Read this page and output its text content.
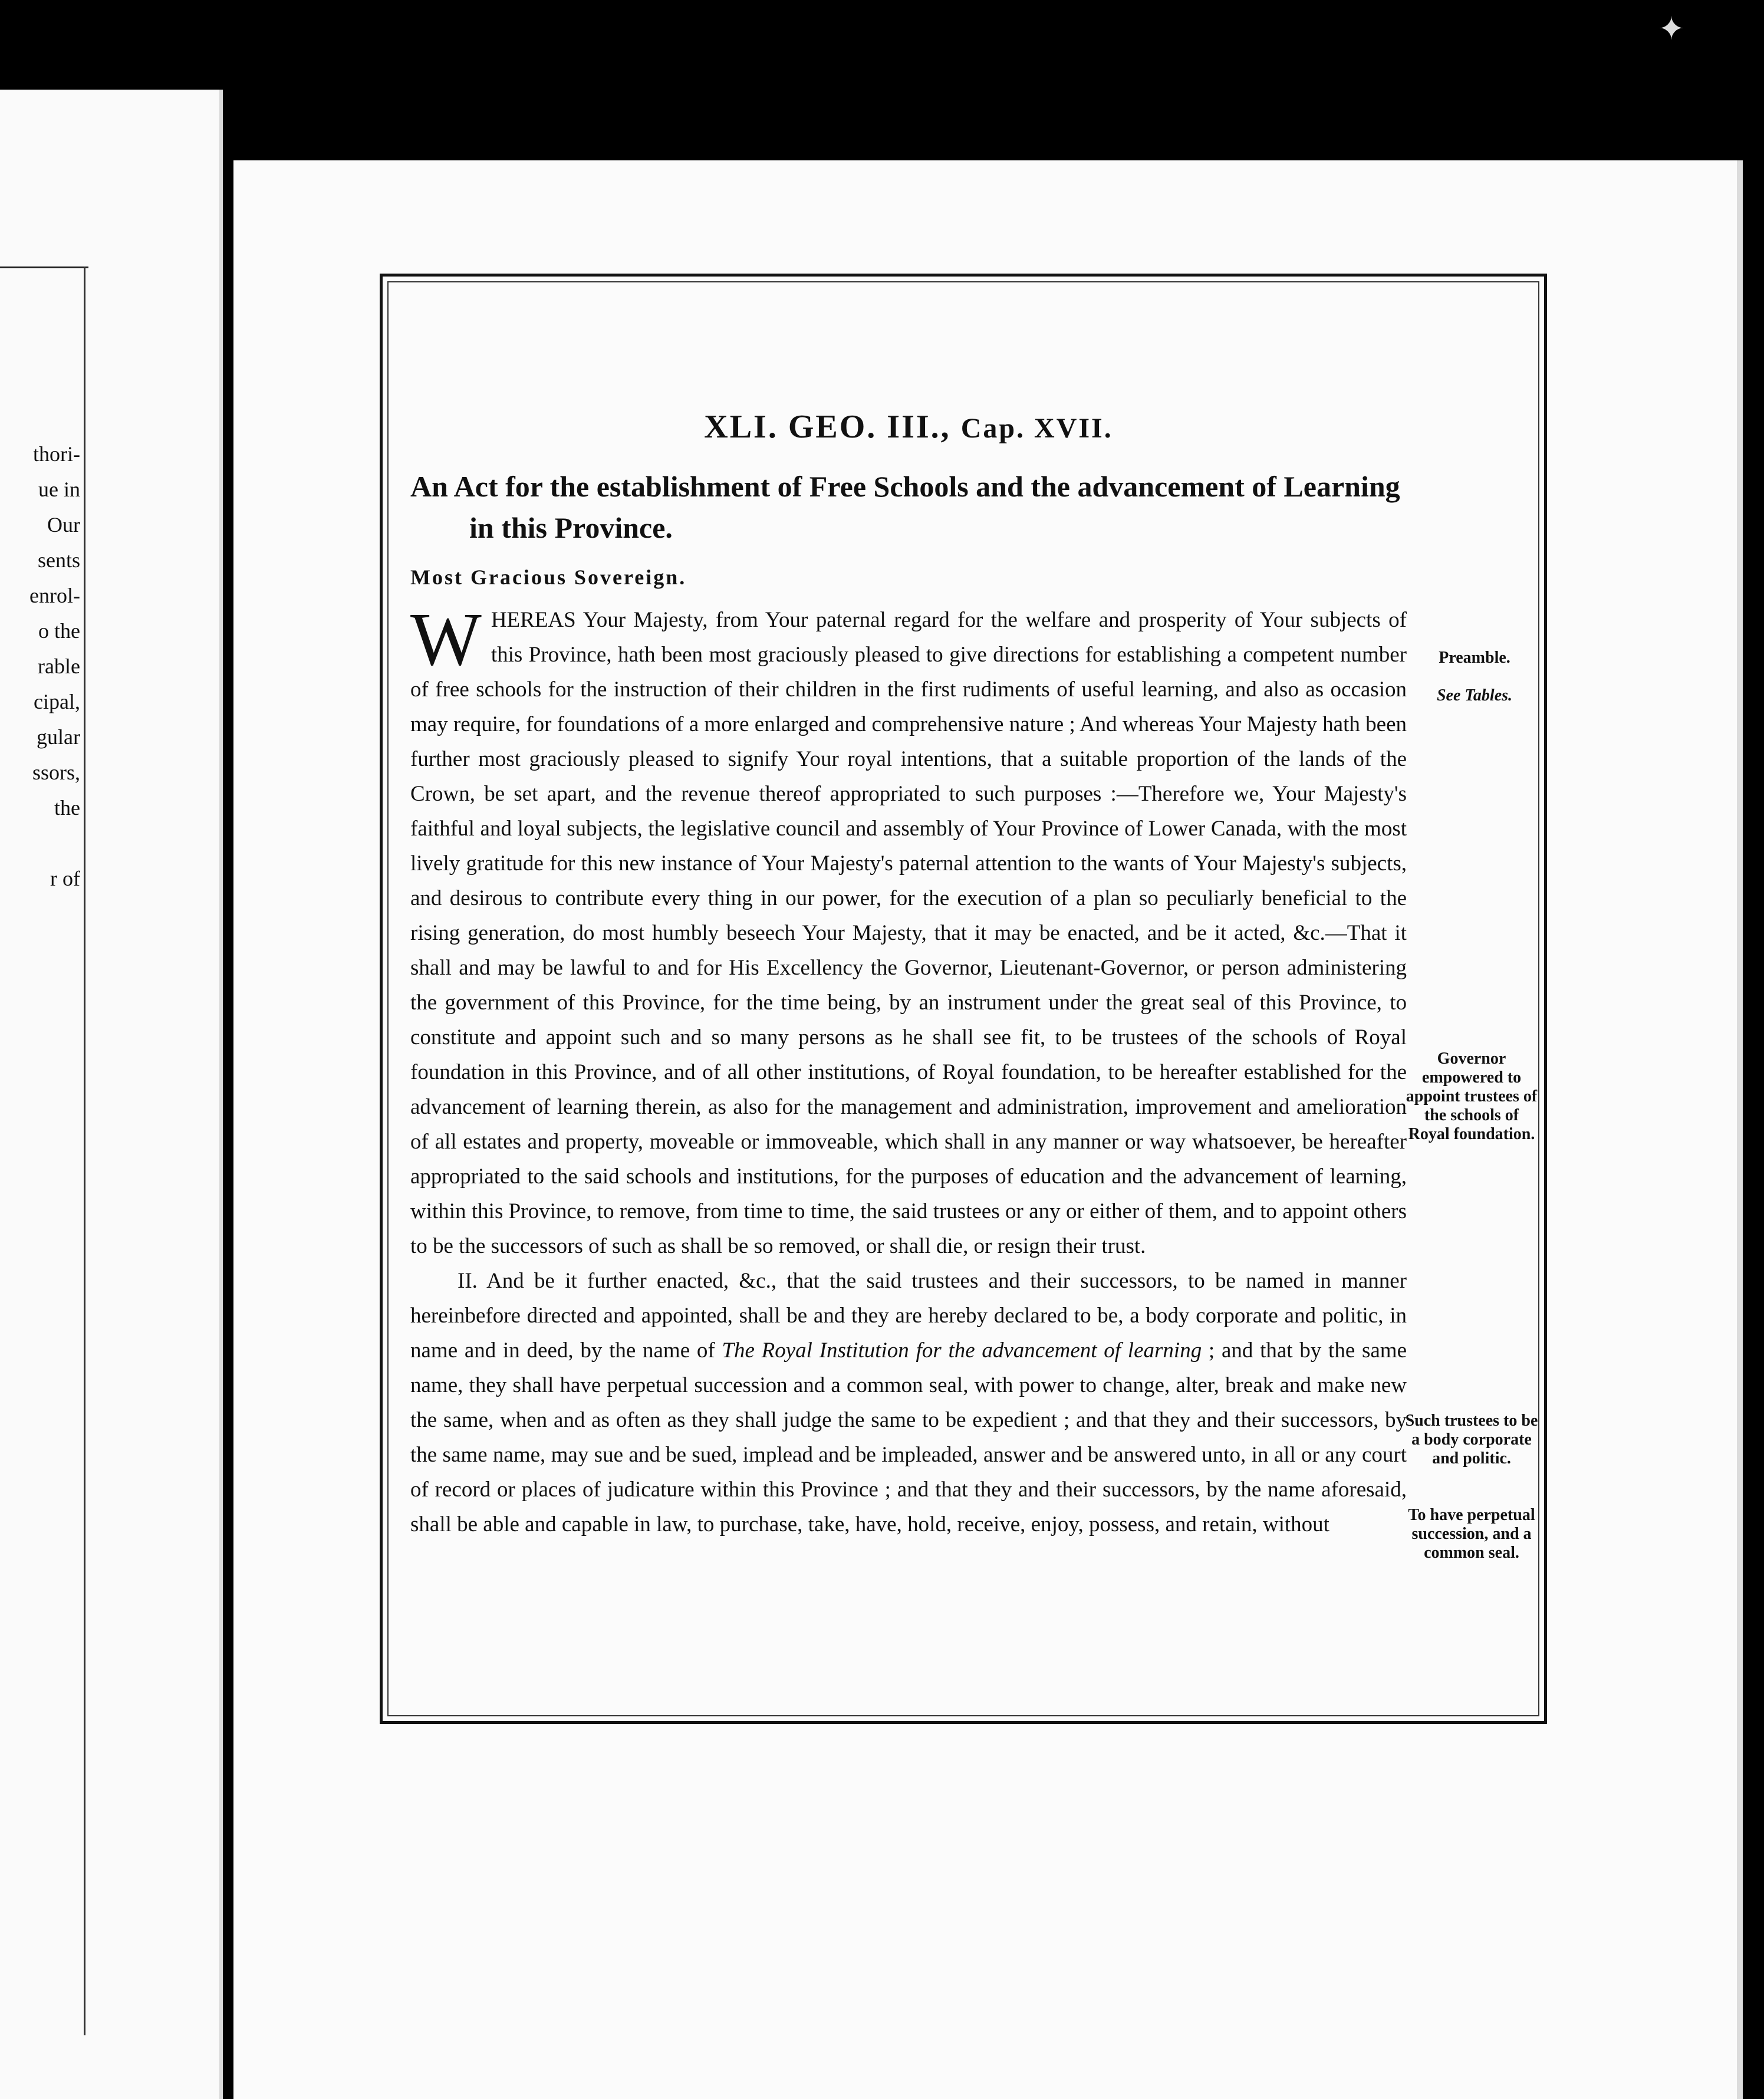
thori-
ue in
Our
sents
enrol-
o the
rable
cipal,
gular
ssors,
the
r of
✦
XLI. GEO. III., Cap. XVII.
An Act for the establishment of Free Schools and the advancement of Learning in this Province.
Most Gracious Sovereign.

WHEREAS Your Majesty, from Your paternal regard for the welfare and prosperity of Your subjects of this Province, hath been most graciously pleased to give directions for establishing a competent number of free schools for the instruction of their children in the first rudiments of useful learning, and also as occasion may require, for foundations of a more enlarged and comprehensive nature ; And whereas Your Majesty hath been further most graciously pleased to signify Your royal intentions, that a suitable proportion of the lands of the Crown, be set apart, and the revenue thereof appropriated to such purposes :—Therefore we, Your Majesty's faithful and loyal subjects, the legislative council and assembly of Your Province of Lower Canada, with the most lively gratitude for this new instance of Your Majesty's paternal attention to the wants of Your Majesty's subjects, and desirous to contribute every thing in our power, for the execution of a plan so peculiarly beneficial to the rising generation, do most humbly beseech Your Majesty, that it may be enacted, and be it acted, &c.—That it shall and may be lawful to and for His Excellency the Governor, Lieutenant-Governor, or person administering the government of this Province, for the time being, by an instrument under the great seal of this Province, to constitute and appoint such and so many persons as he shall see fit, to be trustees of the schools of Royal foundation in this Province, and of all other institutions, of Royal foundation, to be hereafter established for the advancement of learning therein, as also for the management and administration, improvement and amelioration of all estates and property, moveable or immoveable, which shall in any manner or way whatsoever, be hereafter appropriated to the said schools and institutions, for the purposes of education and the advancement of learning, within this Province, to remove, from time to time, the said trustees or any or either of them, and to appoint others to be the successors of such as shall be so removed, or shall die, or resign their trust.

II. And be it further enacted, &c., that the said trustees and their successors, to be named in manner hereinbefore directed and appointed, shall be and they are hereby declared to be, a body corporate and politic, in name and in deed, by the name of The Royal Institution for the advancement of learning ; and that by the same name, they shall have perpetual succession and a common seal, with power to change, alter, break and make new the same, when and as often as they shall judge the same to be expedient ; and that they and their successors, by the same name, may sue and be sued, implead and be impleaded, answer and be answered unto, in all or any court of record or places of judicature within this Province ; and that they and their successors, by the name aforesaid, shall be able and capable in law, to purchase, take, have, hold, receive, enjoy, possess, and retain, without

Preamble.
See Tables.
Governor empowered to appoint trustees of the schools of Royal foundation.
Such trustees to be a body corporate and politic.
To have perpetual succession, and a common seal.
